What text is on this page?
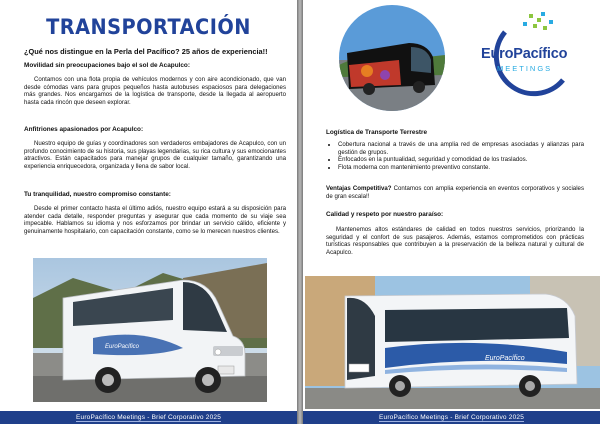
TRANSPORTACIÓN
¿Qué nos distingue en la Perla del Pacífico? 25 años de experiencia!!
Movilidad sin preocupaciones bajo el sol de Acapulco:
Contamos con una flota propia de vehículos modernos y con aire acondicionado, que van desde cómodas vans para grupos pequeños hasta autobuses espaciosos para delegaciones más grandes. Nos encargamos de la logística de transporte, desde la llegada al aeropuerto hasta cada rincón que deseen explorar.
Anfitriones apasionados por Acapulco:
Nuestro equipo de guías y coordinadores son verdaderos embajadores de Acapulco, con un profundo conocimiento de su historia, sus playas legendarias, su rica cultura y sus emocionantes atractivos. Están capacitados para manejar grupos de cualquier tamaño, garantizando una experiencia enriquecedora, organizada y llena de sabor local.
Tu tranquilidad, nuestro compromiso constante:
Desde el primer contacto hasta el último adiós, nuestro equipo estará a su disposición para atender cada detalle, responder preguntas y asegurar que cada momento de su viaje sea impecable. Hablamos su idioma y nos esforzamos por brindar un servicio cálido, eficiente y genuinamente hospitalario, con capacitación constante, como se lo merecen nuestros clientes.
EuroPacífico
EuroPacífico Meetings - Brief Corporativo 2025
EuroPacífico
MEETINGS
Logística de Transporte Terrestre
• Cobertura nacional a través de una amplia red de empresas asociadas y alianzas para gestión de grupos.
• Enfocados en la puntualidad, seguridad y comodidad de los traslados.
• Flota moderna con mantenimiento preventivo constante.
Ventajas Competitiva? Contamos con amplia experiencia en eventos corporativos y sociales de gran escala!!
Calidad y respeto por nuestro paraíso:
Mantenemos altos estándares de calidad en todos nuestros servicios, priorizando la seguridad y el confort de sus pasajeros. Además, estamos comprometidos con prácticas turísticas responsables que contribuyen a la preservación de la belleza natural y cultural de Acapulco.
EuroPacífico
EuroPacífico Meetings - Brief Corporativo 2025
